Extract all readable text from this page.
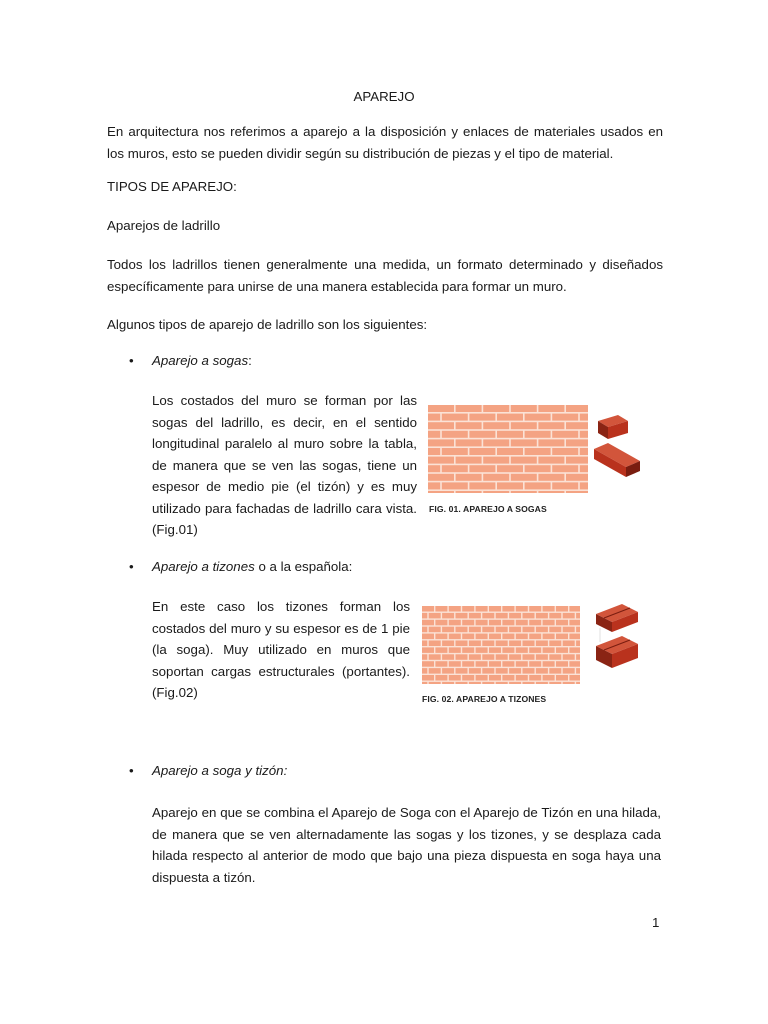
APAREJO

En arquitectura nos referimos a aparejo a la disposición y enlaces de materiales usados en los muros, esto se pueden dividir según su distribución de piezas y el tipo de material.

TIPOS DE APAREJO:
Aparejos de ladrillo

Todos los ladrillos tienen generalmente una medida, un formato determinado y diseñados específicamente para unirse de una manera establecida para formar un muro.

Algunos tipos de aparejo de ladrillo son los siguientes:
• Aparejo a sogas:

Los costados del muro se forman por las sogas del ladrillo, es decir, en el sentido longitudinal paralelo al muro sobre la tabla, de manera que se ven las sogas, tiene un espesor de medio pie (el tizón) y es muy utilizado para fachadas de ladrillo cara vista. (Fig.01)

FIG. 01. APAREJO A SOGAS
• Aparejo a tizones o a la española:

En este caso los tizones forman los costados del muro y su espesor es de 1 pie (la soga). Muy utilizado en muros que soportan cargas estructurales (portantes). (Fig.02)	FIG. 02. APAREJO A TIZONES
• Aparejo a soga y tizón:

Aparejo en que se combina el Aparejo de Soga con el Aparejo de Tizón en una hilada, de manera que se ven alternadamente las sogas y los tizones, y se desplaza cada hilada respecto al anterior de modo que bajo una pieza dispuesta en soga haya una dispuesta a tizón.

1
